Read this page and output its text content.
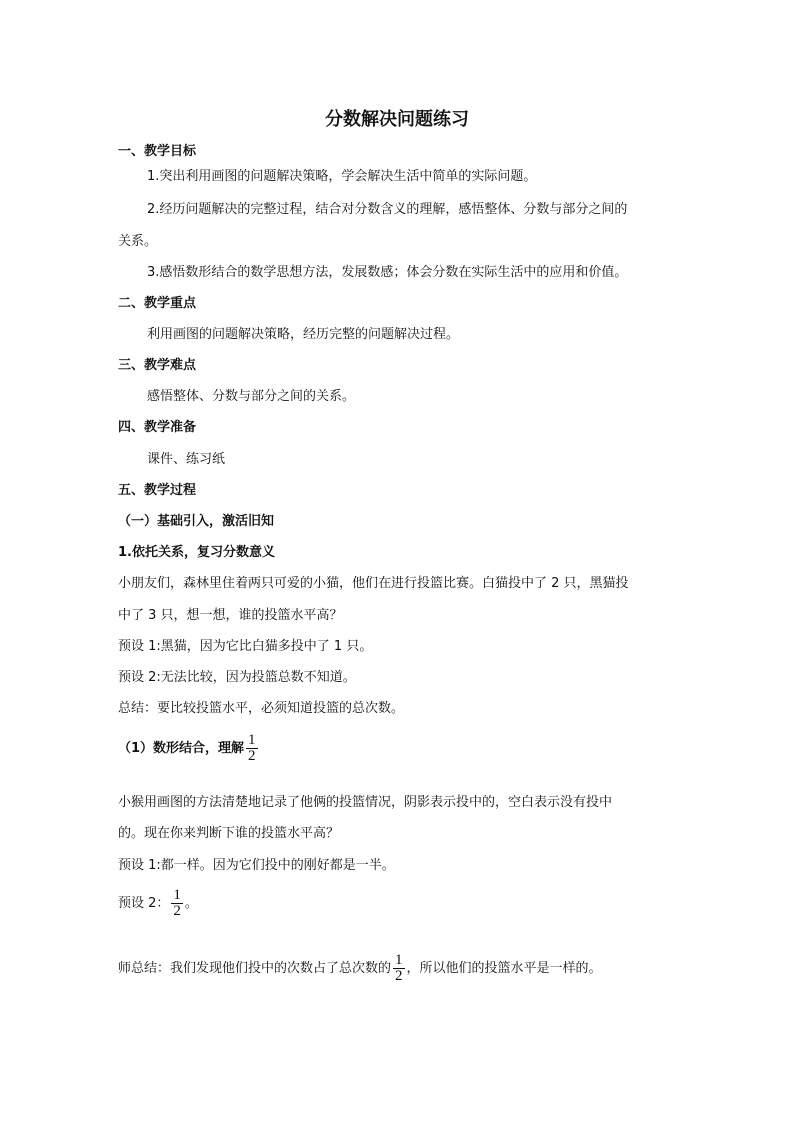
分数解决问题练习
一、教学目标
1.突出利用画图的问题解决策略，学会解决生活中简单的实际问题。
2.经历问题解决的完整过程，结合对分数含义的理解，感悟整体、分数与部分之间的
关系。
3.感悟数形结合的数学思想方法，发展数感；体会分数在实际生活中的应用和价值。
二、教学重点
利用画图的问题解决策略，经历完整的问题解决过程。
三、教学难点
感悟整体、分数与部分之间的关系。
四、教学准备
课件、练习纸
五、教学过程
（一）基础引入，激活旧知
1.依托关系，复习分数意义
小朋友们，森林里住着两只可爱的小猫，他们在进行投篮比赛。白猫投中了 2 只，黑猫投
中了 3 只，想一想，谁的投篮水平高？
预设 1:黑猫，因为它比白猫多投中了 1 只。
预设 2:无法比较，因为投篮总数不知道。
总结：要比较投篮水平，必须知道投篮的总次数。
（1）数形结合，理解 $\frac{1}{2}$
小猴用画图的方法清楚地记录了他俩的投篮情况，阴影表示投中的，空白表示没有投中
的。现在你来判断下谁的投篮水平高？
预设 1:都一样。因为它们投中的刚好都是一半。
预设 2： $\frac{1}{2}$ 。
师总结：我们发现他们投中的次数占了总次数的 $\frac{1}{2}$ ，所以他们的投篮水平是一样的。
